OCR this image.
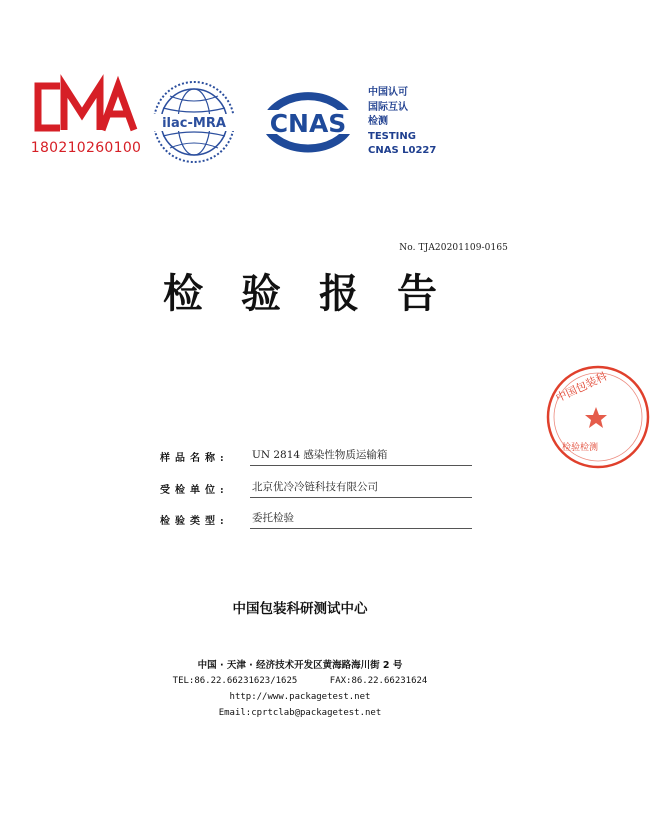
180210260100
ilac-MRA CNAS
中国认可
国际互认
检测
TESTING
CNAS L0227
No. TJA20201109-0165
检验报告
中国包装科
检验检测
样品名称:	UN 2814 感染性物质运输箱
受检单位:	北京优冷冷链科技有限公司
检验类型:	委托检验
中国包装科研测试中心
中国 · 天津 · 经济技术开发区黄海路海川街 2 号
TEL:86.22.66231623/1625      FAX:86.22.66231624
http://www.packagetest.net
Email:cprtclab@packagetest.net
